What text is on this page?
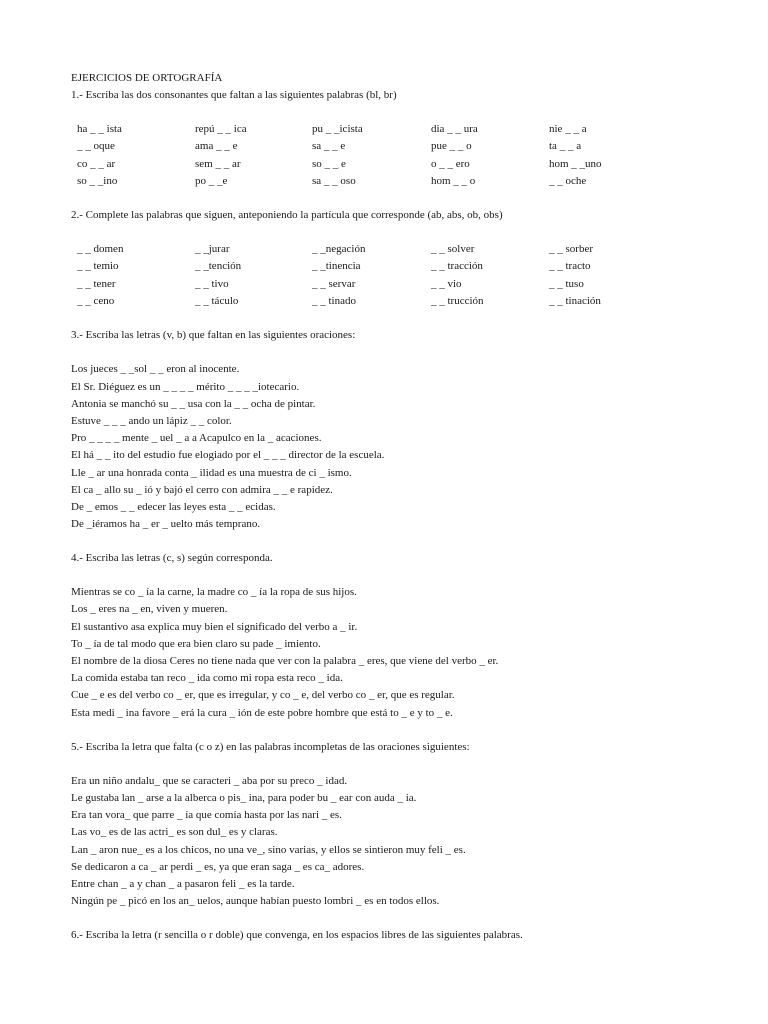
EJERCICIOS DE ORTOGRAFÍA
1.- Escriba las dos consonantes que faltan a las siguientes palabras (bl, br)
ha _ _ ista	repú _ _ ica	pu _ _icista	dia _ _ ura	nie _ _ a
_ _ oque	ama _ _ e	sa _ _ e	pue _ _ o	ta _ _ a
co _ _ ar	sem _ _ ar	so _ _ e	o _ _ ero	hom _ _uno
so _ _ino	po _ _e	sa _ _ oso	hom _ _ o	_ _ oche
2.- Complete las palabras que siguen, anteponiendo la partícula que corresponde (ab, abs, ob, obs)
_ _ domen	_ _jurar	_ _negación	_ _ solver	_ _ sorber
_ _ temio	_ _tención	_ _tinencia	_ _ tracción	_ _ tracto
_ _ tener	_ _ tivo	_ _ servar	_ _ vio	_ _ tuso
_ _ ceno	_ _ táculo	_ _ tinado	_ _ trucción	_ _ tinación
3.- Escriba las letras (v, b) que faltan en las siguientes oraciones:
Los jueces _ _sol _ _ eron al inocente.
El Sr. Diéguez es un _ _ _ _ mérito _ _ _ _iotecario.
Antonia se manchó su _ _ usa con la _ _ ocha de pintar.
Estuve _ _ _ ando un lápiz _ _ color.
Pro _ _ _ _ mente _ uel _ a a Acapulco en la _ acaciones.
El há _ _ ito del estudio fue elogiado por el _ _ _ director de la escuela.
Lle _ ar una honrada conta _ ilidad es una muestra de ci _ ismo.
El ca _ allo su _ ió y bajó el cerro con admira _ _ e rapidez.
De _ emos _ _ edecer las leyes esta _ _ ecidas.
De _iéramos ha _ er _ uelto más temprano.
4.- Escriba las letras (c, s) según corresponda.
Mientras se co _ ía la carne, la madre co _ ía la ropa de sus hijos.
Los _ eres na _ en, viven y mueren.
El sustantivo asa explica muy bien el significado del verbo a _ ir.
To _ ía de tal modo que era bien claro su pade _ imiento.
El nombre de la diosa Ceres no tiene nada que ver con la palabra _ eres, que viene del verbo _ er.
La comida estaba tan reco _ ida como mi ropa esta reco _ ida.
Cue _ e es del verbo co _ er, que es irregular, y co _ e, del verbo co _ er, que es regular.
Esta medi _ ina favore _ erá la cura _ ión de este pobre hombre que está to _ e y to _ e.
5.- Escriba la letra que falta (c o z) en las palabras incompletas de las oraciones siguientes:
Era un niño andalu_ que se caracteri _ aba por su preco _ idad.
Le gustaba lan _ arse a la alberca o pis_ ina, para poder bu _ ear con auda _ ia.
Era tan vora_ que parre _ ía que comía hasta por las nari _ es.
Las vo_ es de las actri_ es son dul_ es y claras.
Lan _ aron nue_ es a los chicos, no una ve_, sino varias, y ellos se sintieron muy feli _ es.
Se dedicaron a ca _ ar perdi _ es, ya que eran saga _ es ca_ adores.
Entre chan _ a y chan _ a pasaron feli _ es la tarde.
Ningún pe _ picó en los an_ uelos, aunque habían puesto lombri _ es en todos ellos.
6.- Escriba la letra (r sencilla o r doble) que convenga, en los espacios libres de las siguientes palabras.
